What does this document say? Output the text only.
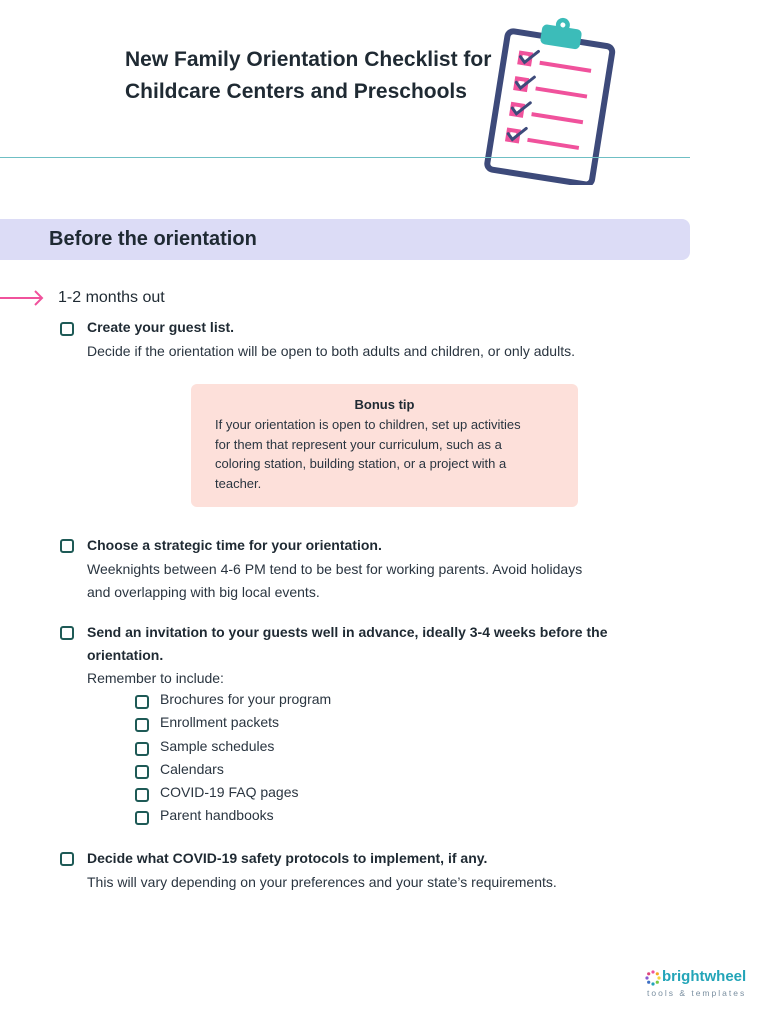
New Family Orientation Checklist for Childcare Centers and Preschools
Before the orientation
1-2 months out
Create your guest list.
Decide if the orientation will be open to both adults and children, or only adults.
Bonus tip
If your orientation is open to children, set up activities
for them that represent your curriculum, such as a
coloring station, building station, or a project with a
teacher.
Choose a strategic time for your orientation.
Weeknights between 4-6 PM tend to be best for working parents. Avoid holidays
and overlapping with big local events.
Send an invitation to your guests well in advance, ideally 3-4 weeks before the
orientation.
Remember to include:
Brochures for your program
Enrollment packets
Sample schedules
Calendars
COVID-19 FAQ pages
Parent handbooks
Decide what COVID-19 safety protocols to implement, if any.
This will vary depending on your preferences and your state’s requirements.
brightwheel
tools & templates
